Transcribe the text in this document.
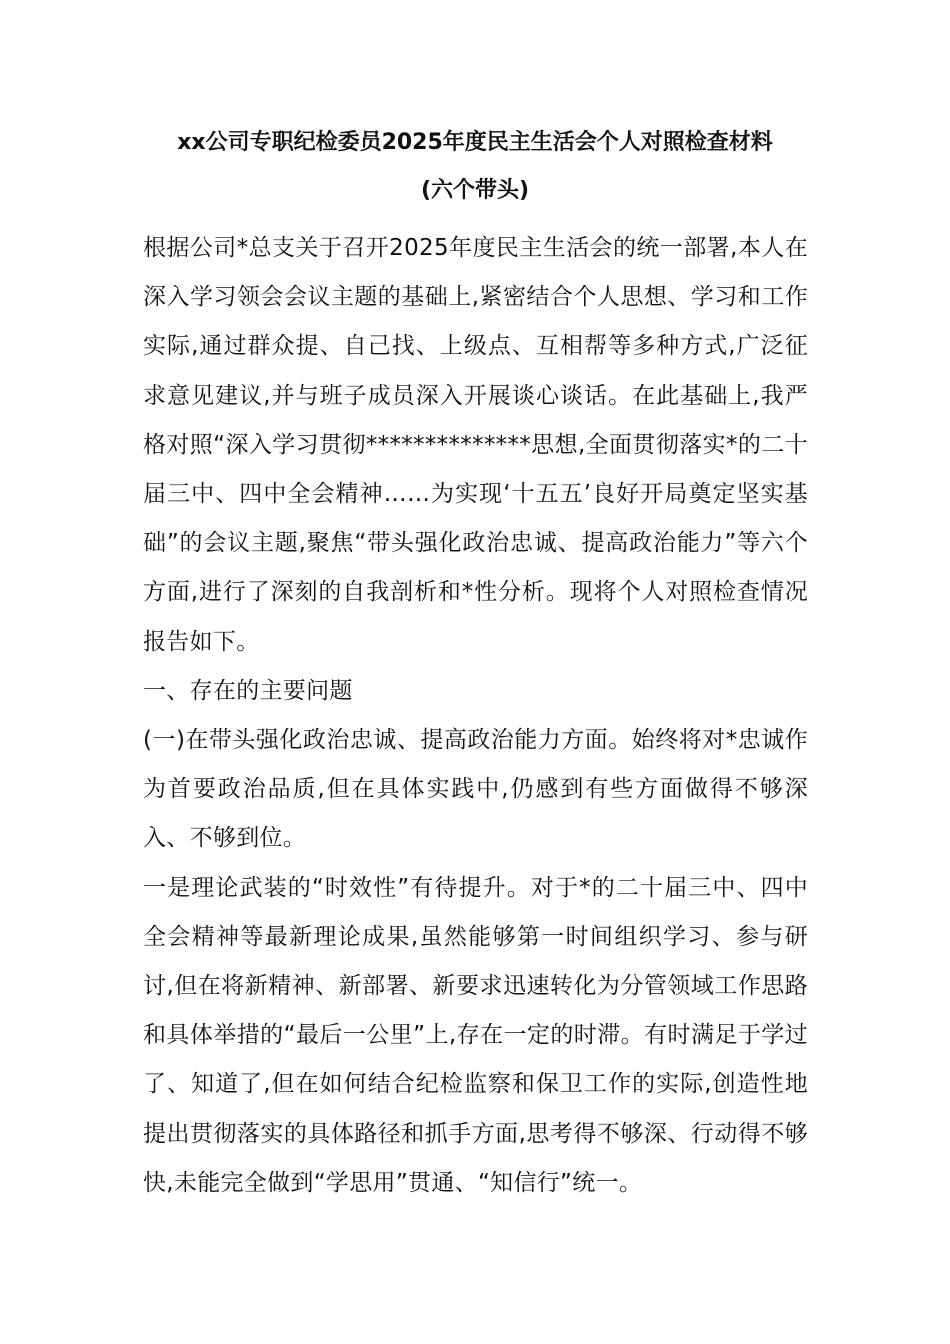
xx公司专职纪检委员2025年度民主生活会个人对照检查材料
(六个带头)

根据公司*总支关于召开2025年度民主生活会的统一部署,本人在深入学习领会会议主题的基础上,紧密结合个人思想、学习和工作实际,通过群众提、自己找、上级点、互相帮等多种方式,广泛征求意见建议,并与班子成员深入开展谈心谈话。在此基础上,我严格对照“深入学习贯彻**************思想,全面贯彻落实*的二十届三中、四中全会精神……为实现‘十五五’良好开局奠定坚实基础”的会议主题,聚焦“带头强化政治忠诚、提高政治能力”等六个方面,进行了深刻的自我剖析和*性分析。现将个人对照检查情况报告如下。

一、存在的主要问题

(一)在带头强化政治忠诚、提高政治能力方面。始终将对*忠诚作为首要政治品质,但在具体实践中,仍感到有些方面做得不够深入、不够到位。

一是理论武装的“时效性”有待提升。对于*的二十届三中、四中全会精神等最新理论成果,虽然能够第一时间组织学习、参与研讨,但在将新精神、新部署、新要求迅速转化为分管领域工作思路和具体举措的“最后一公里”上,存在一定的时滞。有时满足于学过了、知道了,但在如何结合纪检监察和保卫工作的实际,创造性地提出贯彻落实的具体路径和抓手方面,思考得不够深、行动得不够快,未能完全做到“学思用”贯通、“知信行”统一。
